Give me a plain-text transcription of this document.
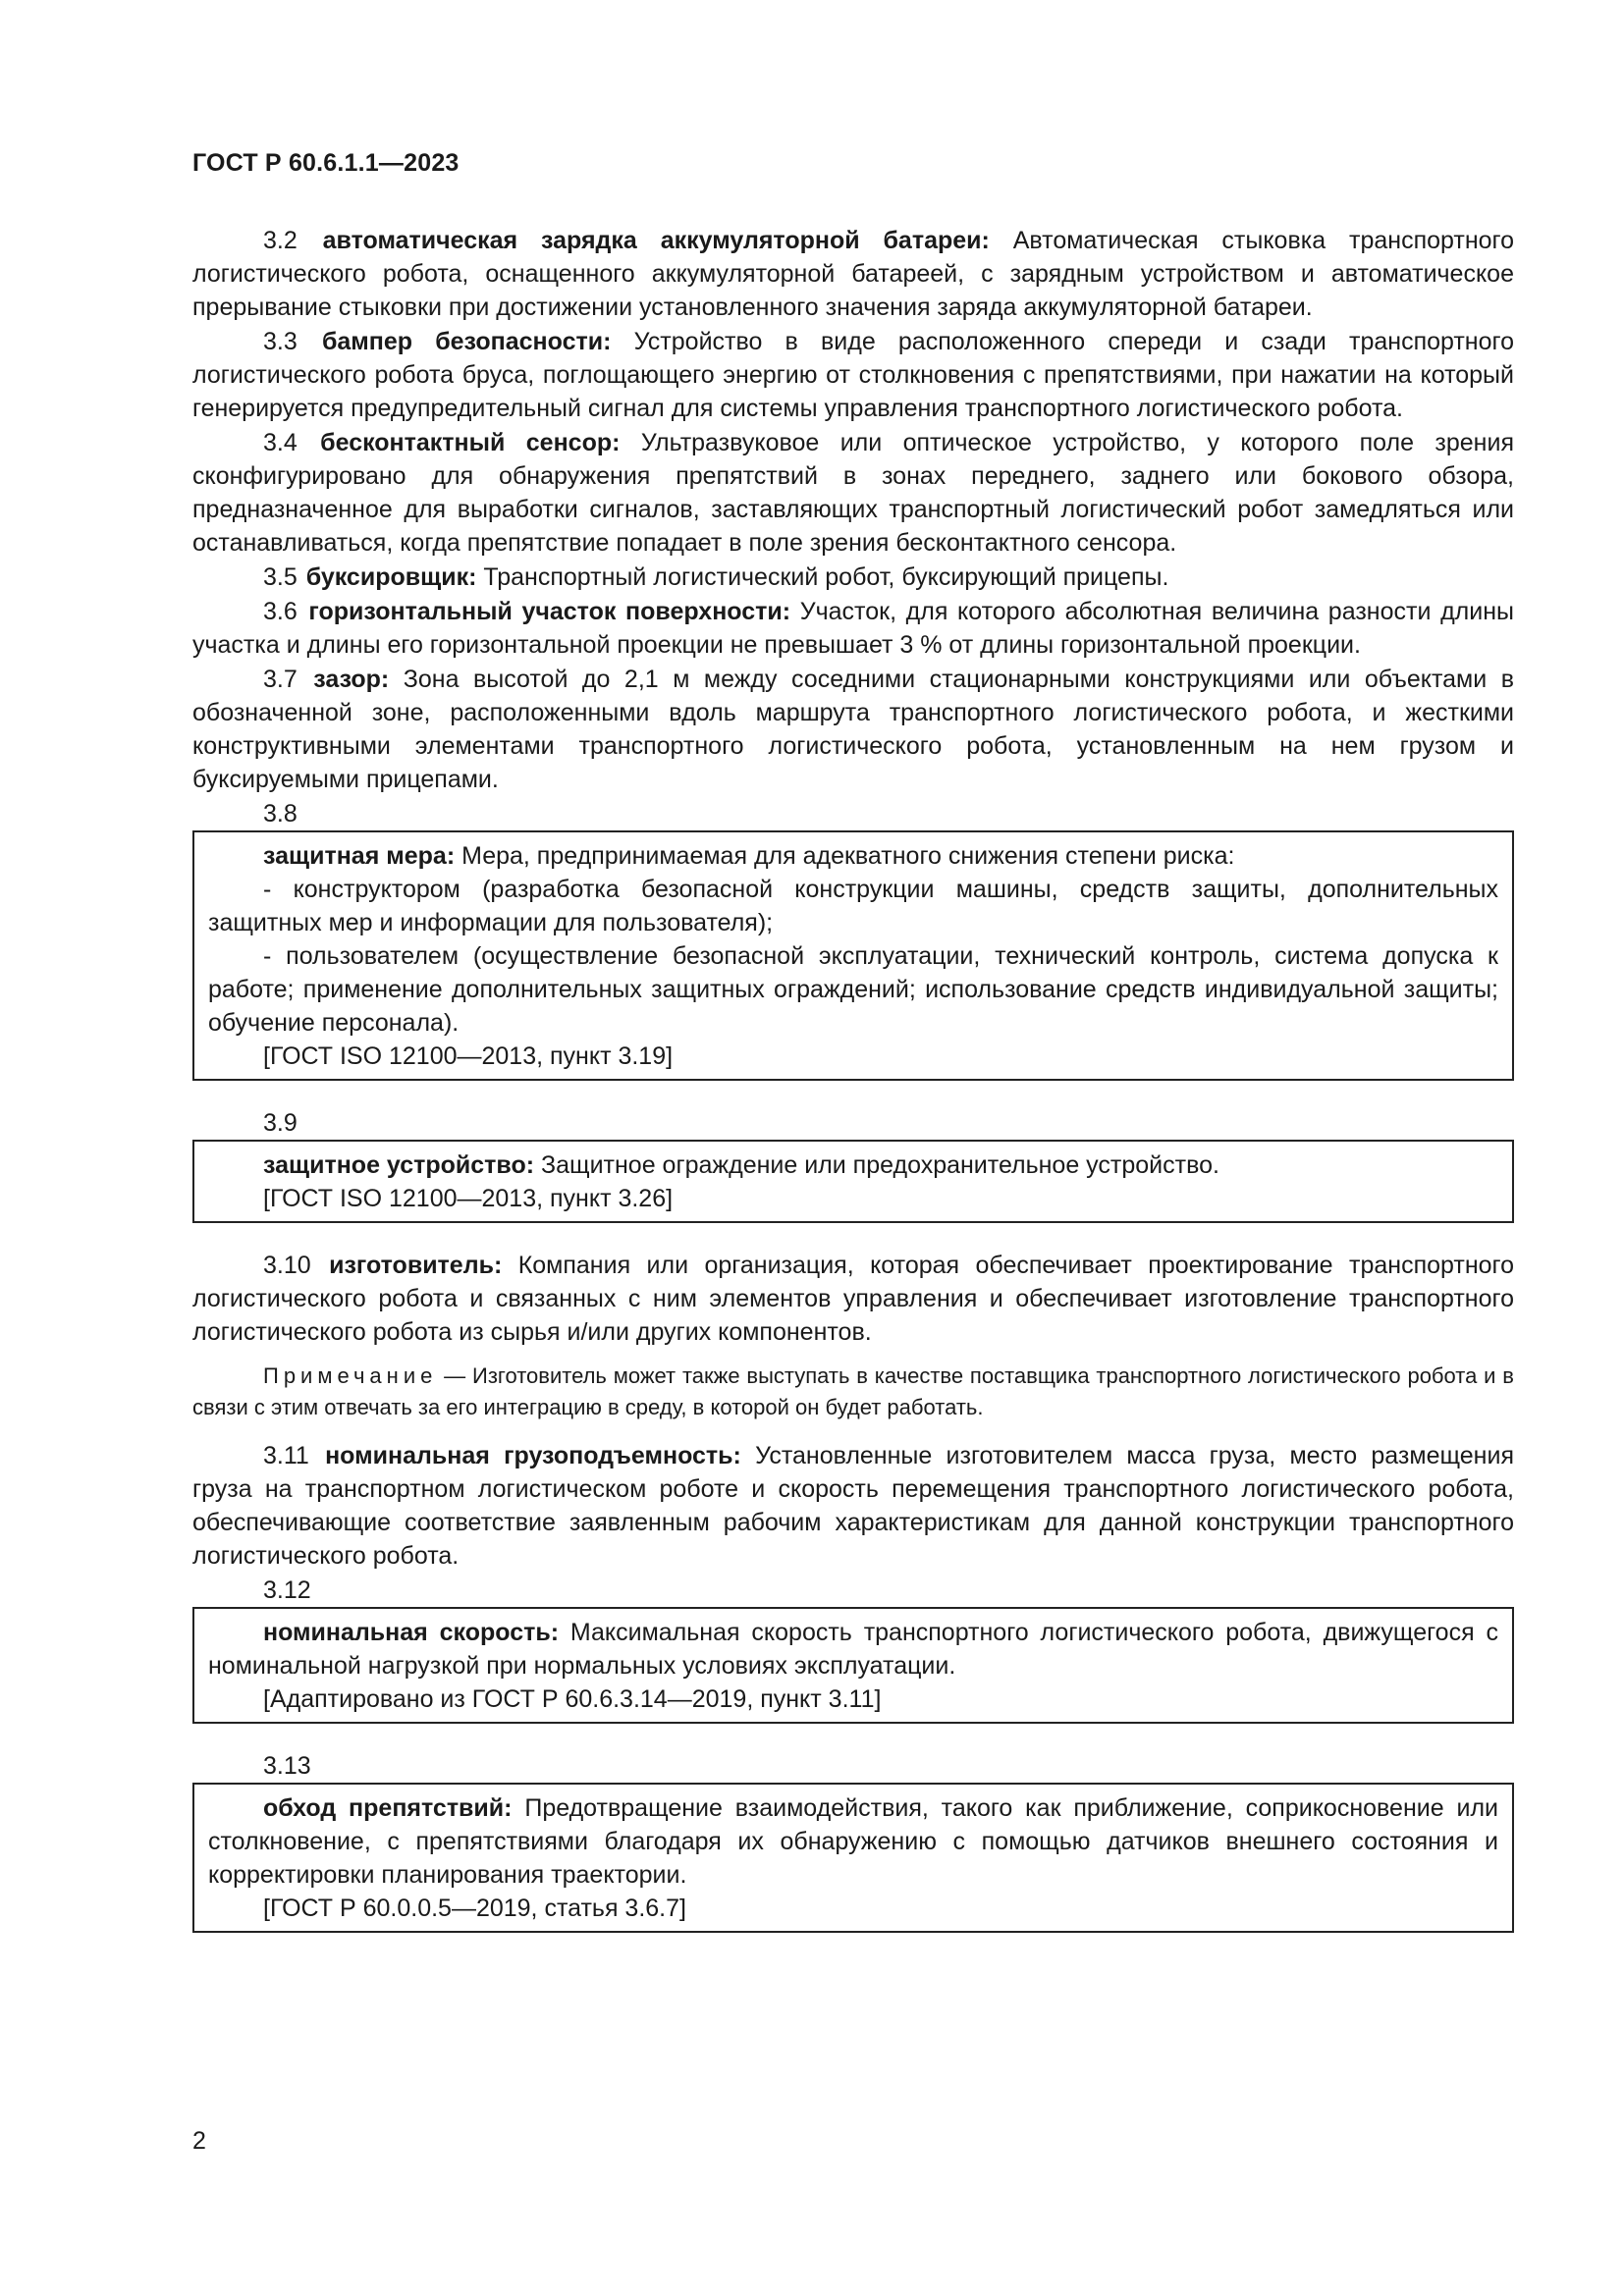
ГОСТ Р 60.6.1.1—2023

3.2 автоматическая зарядка аккумуляторной батареи: Автоматическая стыковка транспортного логистического робота, оснащенного аккумуляторной батареей, с зарядным устройством и автоматическое прерывание стыковки при достижении установленного значения заряда аккумуляторной батареи.

3.3 бампер безопасности: Устройство в виде расположенного спереди и сзади транспортного логистического робота бруса, поглощающего энергию от столкновения с препятствиями, при нажатии на который генерируется предупредительный сигнал для системы управления транспортного логистического робота.

3.4 бесконтактный сенсор: Ультразвуковое или оптическое устройство, у которого поле зрения сконфигурировано для обнаружения препятствий в зонах переднего, заднего или бокового обзора, предназначенное для выработки сигналов, заставляющих транспортный логистический робот замедляться или останавливаться, когда препятствие попадает в поле зрения бесконтактного сенсора.

3.5 буксировщик: Транспортный логистический робот, буксирующий прицепы.

3.6 горизонтальный участок поверхности: Участок, для которого абсолютная величина разности длины участка и длины его горизонтальной проекции не превышает 3 % от длины горизонтальной проекции.

3.7 зазор: Зона высотой до 2,1 м между соседними стационарными конструкциями или объектами в обозначенной зоне, расположенными вдоль маршрута транспортного логистического робота, и жесткими конструктивными элементами транспортного логистического робота, установленным на нем грузом и буксируемыми прицепами.

3.8

защитная мера: Мера, предпринимаемая для адекватного снижения степени риска:

- конструктором (разработка безопасной конструкции машины, средств защиты, дополнительных защитных мер и информации для пользователя);

- пользователем (осуществление безопасной эксплуатации, технический контроль, система допуска к работе; применение дополнительных защитных ограждений; использование средств индивидуальной защиты; обучение персонала).

[ГОСТ ISO 12100—2013, пункт 3.19]

3.9

защитное устройство: Защитное ограждение или предохранительное устройство.

[ГОСТ ISO 12100—2013, пункт 3.26]

3.10 изготовитель: Компания или организация, которая обеспечивает проектирование транспортного логистического робота и связанных с ним элементов управления и обеспечивает изготовление транспортного логистического робота из сырья и/или других компонентов.

Примечание — Изготовитель может также выступать в качестве поставщика транспортного логистического робота и в связи с этим отвечать за его интеграцию в среду, в которой он будет работать.

3.11 номинальная грузоподъемность: Установленные изготовителем масса груза, место размещения груза на транспортном логистическом роботе и скорость перемещения транспортного логистического робота, обеспечивающие соответствие заявленным рабочим характеристикам для данной конструкции транспортного логистического робота.

3.12

номинальная скорость: Максимальная скорость транспортного логистического робота, движущегося с номинальной нагрузкой при нормальных условиях эксплуатации.

[Адаптировано из ГОСТ Р 60.6.3.14—2019, пункт 3.11]

3.13

обход препятствий: Предотвращение взаимодействия, такого как приближение, соприкосновение или столкновение, с препятствиями благодаря их обнаружению с помощью датчиков внешнего состояния и корректировки планирования траектории.

[ГОСТ Р 60.0.0.5—2019, статья 3.6.7]

2
